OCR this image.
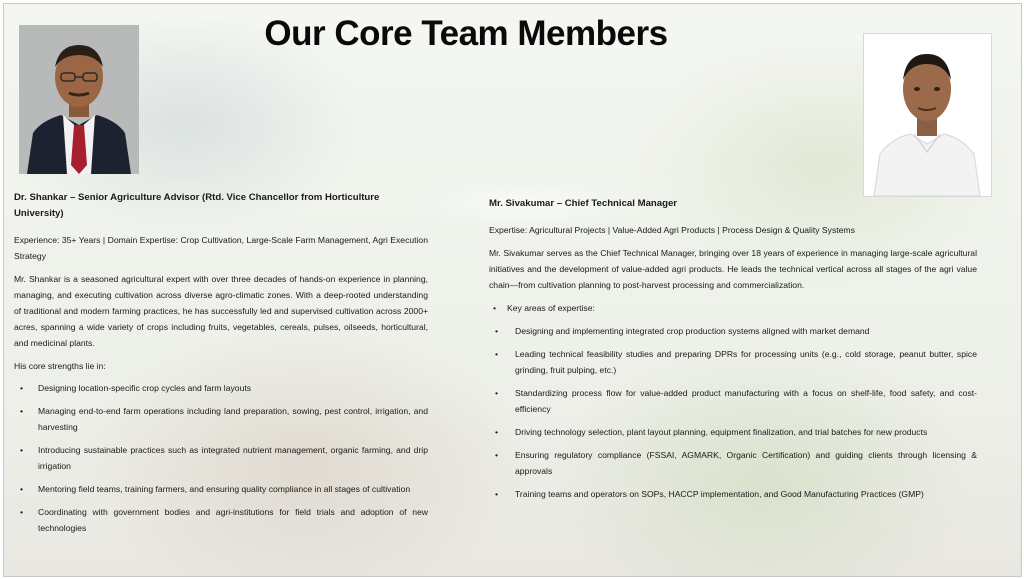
Our Core Team Members

Dr. Shankar – Senior Agriculture Advisor (Rtd. Vice Chancellor from Horticulture University)

Experience: 35+ Years | Domain Expertise: Crop Cultivation, Large-Scale Farm Management, Agri Execution Strategy

Mr. Shankar is a seasoned agricultural expert with over three decades of hands-on experience in planning, managing, and executing cultivation across diverse agro-climatic zones. With a deep-rooted understanding of traditional and modern farming practices, he has successfully led and supervised cultivation across 2000+ acres, spanning a wide variety of crops including fruits, vegetables, cereals, pulses, oilseeds, horticultural, and medicinal plants.

His core strengths lie in:

• Designing location-specific crop cycles and farm layouts
• Managing end-to-end farm operations including land preparation, sowing, pest control, irrigation, and harvesting
• Introducing sustainable practices such as integrated nutrient management, organic farming, and drip irrigation
• Mentoring field teams, training farmers, and ensuring quality compliance in all stages of cultivation
• Coordinating with government bodies and agri-institutions for field trials and adoption of new technologies

Mr. Sivakumar – Chief Technical Manager

Expertise: Agricultural Projects | Value-Added Agri Products | Process Design & Quality Systems

Mr. Sivakumar serves as the Chief Technical Manager, bringing over 18 years of experience in managing large-scale agricultural initiatives and the development of value-added agri products. He leads the technical vertical across all stages of the agri value chain—from cultivation planning to post-harvest processing and commercialization.

• Key areas of expertise:
• Designing and implementing integrated crop production systems aligned with market demand
• Leading technical feasibility studies and preparing DPRs for processing units (e.g., cold storage, peanut butter, spice grinding, fruit pulping, etc.)
• Standardizing process flow for value-added product manufacturing with a focus on shelf-life, food safety, and cost-efficiency
• Driving technology selection, plant layout planning, equipment finalization, and trial batches for new products
• Ensuring regulatory compliance (FSSAI, AGMARK, Organic Certification) and guiding clients through licensing & approvals
• Training teams and operators on SOPs, HACCP implementation, and Good Manufacturing Practices (GMP)
